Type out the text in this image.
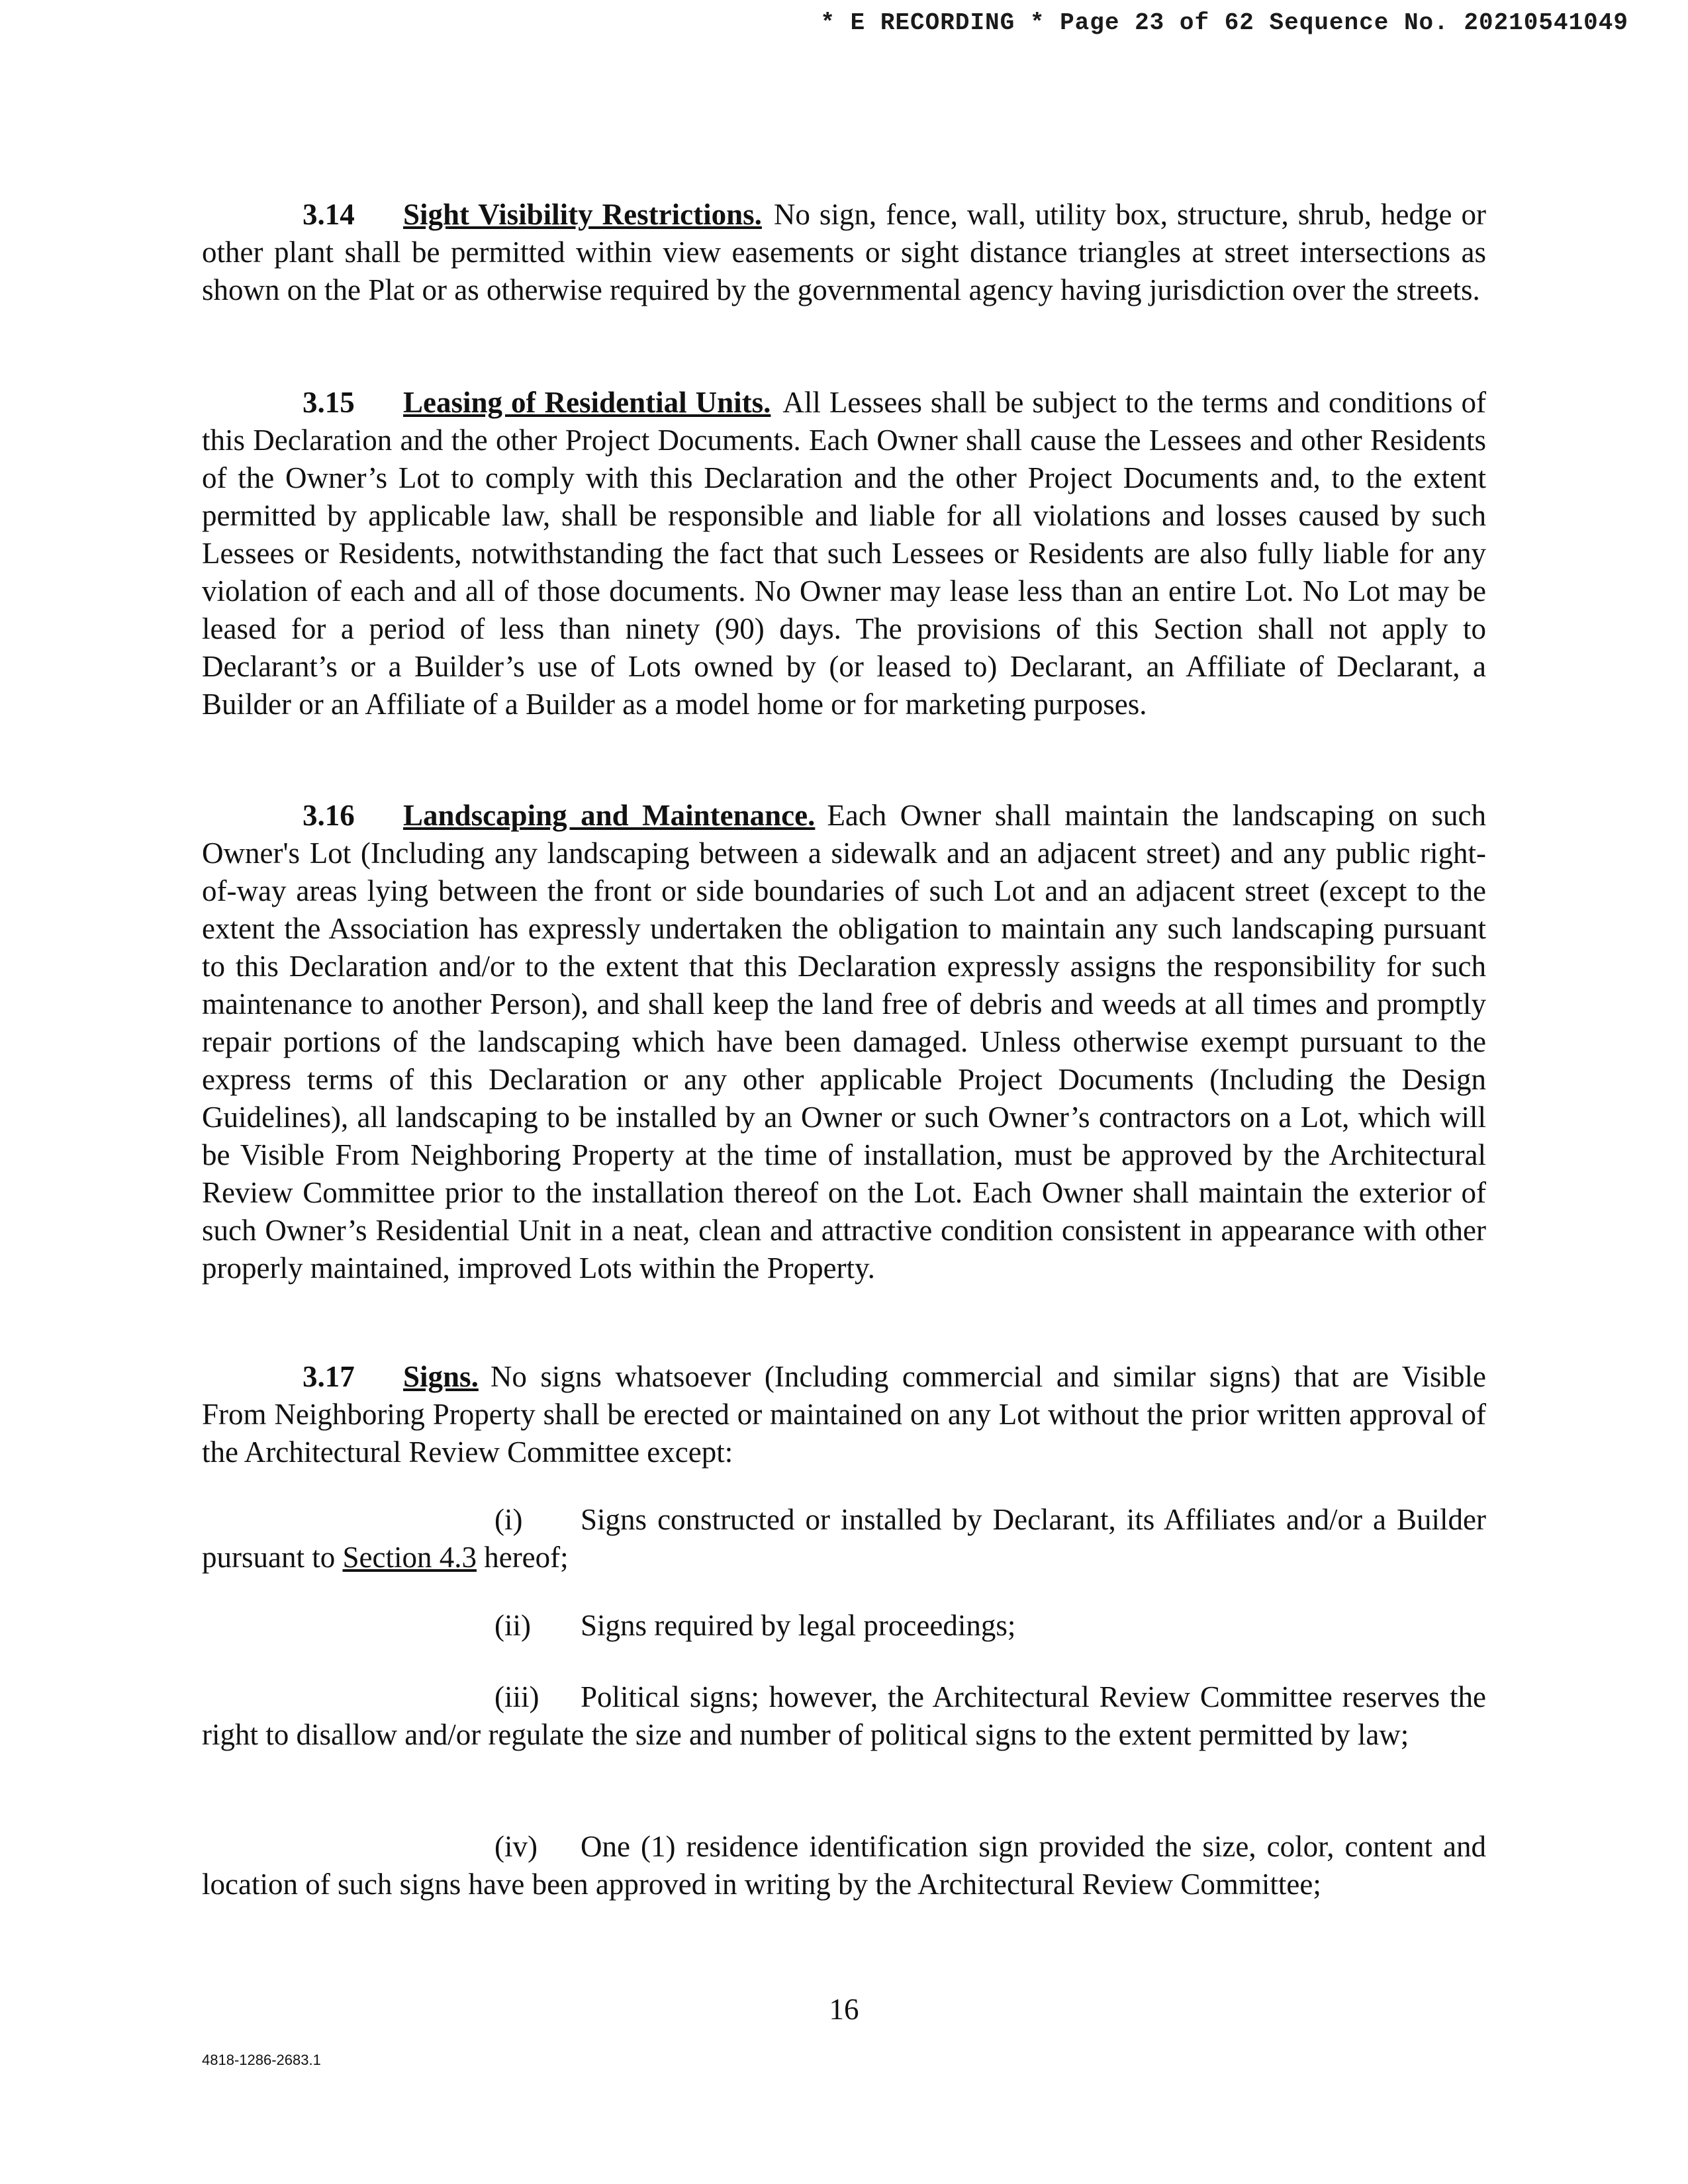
* E RECORDING * Page 23 of 62 Sequence No. 20210541049

3.14 Sight Visibility Restrictions. No sign, fence, wall, utility box, structure, shrub, hedge or other plant shall be permitted within view easements or sight distance triangles at street intersections as shown on the Plat or as otherwise required by the governmental agency having jurisdiction over the streets.

3.15 Leasing of Residential Units. All Lessees shall be subject to the terms and conditions of this Declaration and the other Project Documents. Each Owner shall cause the Lessees and other Residents of the Owner’s Lot to comply with this Declaration and the other Project Documents and, to the extent permitted by applicable law, shall be responsible and liable for all violations and losses caused by such Lessees or Residents, notwithstanding the fact that such Lessees or Residents are also fully liable for any violation of each and all of those documents. No Owner may lease less than an entire Lot. No Lot may be leased for a period of less than ninety (90) days. The provisions of this Section shall not apply to Declarant’s or a Builder’s use of Lots owned by (or leased to) Declarant, an Affiliate of Declarant, a Builder or an Affiliate of a Builder as a model home or for marketing purposes.

3.16 Landscaping and Maintenance. Each Owner shall maintain the landscaping on such Owner's Lot (Including any landscaping between a sidewalk and an adjacent street) and any public right-of-way areas lying between the front or side boundaries of such Lot and an adjacent street (except to the extent the Association has expressly undertaken the obligation to maintain any such landscaping pursuant to this Declaration and/or to the extent that this Declaration expressly assigns the responsibility for such maintenance to another Person), and shall keep the land free of debris and weeds at all times and promptly repair portions of the landscaping which have been damaged. Unless otherwise exempt pursuant to the express terms of this Declaration or any other applicable Project Documents (Including the Design Guidelines), all landscaping to be installed by an Owner or such Owner’s contractors on a Lot, which will be Visible From Neighboring Property at the time of installation, must be approved by the Architectural Review Committee prior to the installation thereof on the Lot. Each Owner shall maintain the exterior of such Owner’s Residential Unit in a neat, clean and attractive condition consistent in appearance with other properly maintained, improved Lots within the Property.

3.17 Signs. No signs whatsoever (Including commercial and similar signs) that are Visible From Neighboring Property shall be erected or maintained on any Lot without the prior written approval of the Architectural Review Committee except:

(i) Signs constructed or installed by Declarant, its Affiliates and/or a Builder pursuant to Section 4.3 hereof;

(ii) Signs required by legal proceedings;

(iii) Political signs; however, the Architectural Review Committee reserves the right to disallow and/or regulate the size and number of political signs to the extent permitted by law;

(iv) One (1) residence identification sign provided the size, color, content and location of such signs have been approved in writing by the Architectural Review Committee;

16
4818-1286-2683.1
